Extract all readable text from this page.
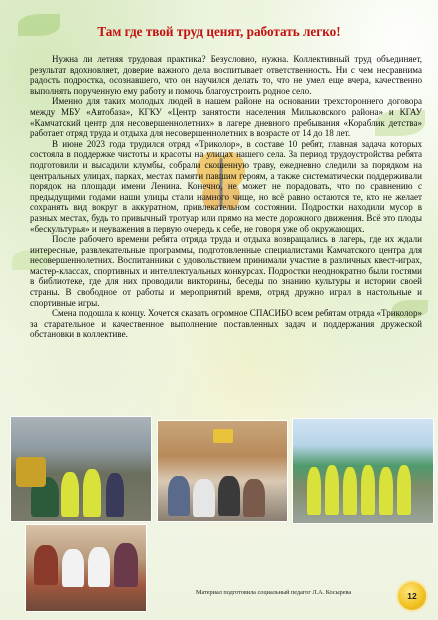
Там где твой труд ценят, работать легко!

Нужна ли летняя трудовая практика? Безусловно, нужна. Коллективный труд объединяет, результат вдохновляет, доверие важного дела воспитывает ответственность. Ни с чем несравнима радость подростка, осознавшего, что он научился делать то, что не умел еще вчера, качественно выполнять порученную ему работу и помочь благоустроить родное село.

Именно для таких молодых людей в нашем районе на основании трехстороннего договора между МБУ «Автобаза», КГКУ «Центр занятости населения Мильковского района» и КГАУ «Камчатский центр для несовершеннолетних» в лагере дневного пребывания «Кораблик детства» работает отряд труда и отдыха для несовершеннолетних в возрасте от 14 до 18 лет.

В июне 2023 года трудился отряд «Триколор», в составе 10 ребят, главная задача которых состояла в поддержке чистоты и красоты на улицах нашего села. За период трудоустройства ребята подготовили и высадили клумбы, собрали скошенную траву, ежедневно следили за порядком на центральных улицах, парках, местах памяти павшим героям, а также систематически поддерживали порядок на площади имени Ленина. Конечно, не может не порадовать, что по сравнению с предыдущими годами наши улицы стали намного чище, но всё равно остаются те, кто не желает сохранять вид вокруг в аккуратном, привлекательном состоянии. Подростки находили мусор в разных местах, будь то привычный тротуар или прямо на месте дорожного движения. Всё это плоды «бескультурья» и неуважения в первую очередь к себе, не говоря уже об окружающих.

После рабочего времени ребята отряда труда и отдыха возвращались в лагерь, где их ждали интересные, развлекательные программы, подготовленные специалистами Камчатского центра для несовершеннолетних. Воспитанники с удовольствием принимали участие в различных квест-играх, мастер-классах, спортивных и интеллектуальных конкурсах. Подростки неоднократно были гостями в библиотеке, где для них проводили викторины, беседы по знанию культуры и истории своей страны. В свободное от работы и мероприятий время, отряд дружно играл в настольные и спортивные игры.

Смена подошла к концу. Хочется сказать огромное СПАСИБО всем ребятам отряда «Триколор» за старательное и качественное выполнение поставленных задач и поддержания дружеской обстановки в коллективе.

Материал подготовила социальный педагог Л.А. Косырева	12
